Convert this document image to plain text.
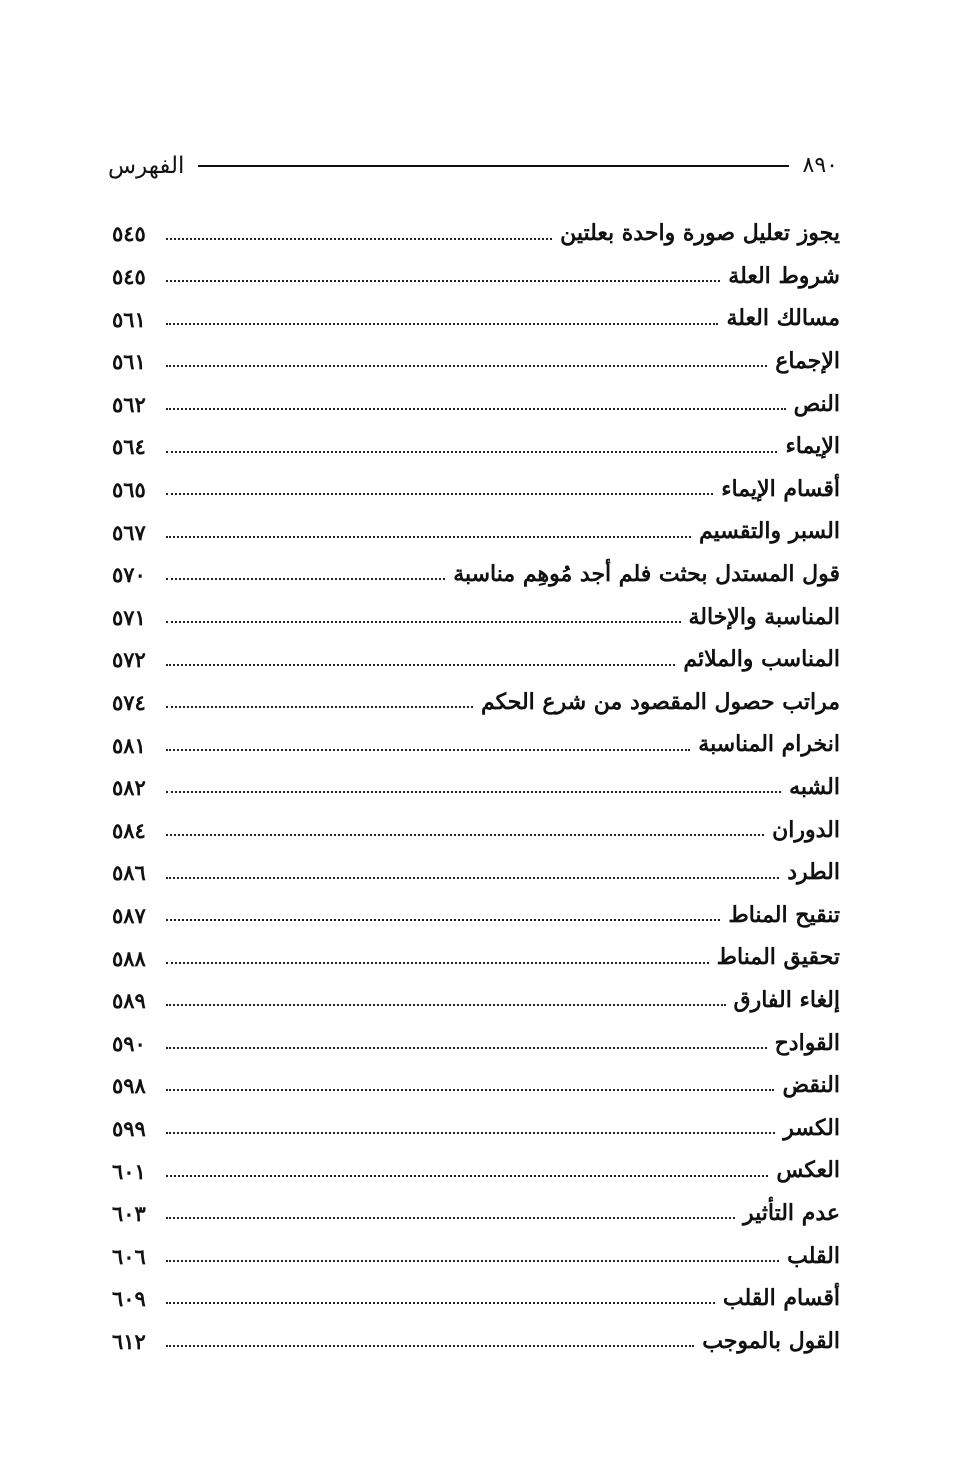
٨٩٠
الفهرس
يجوز تعليل صورة واحدة بعلتين
٥٤٥
شروط العلة
٥٤٥
مسالك العلة
٥٦١
الإجماع
٥٦١
النص
٥٦٢
الإيماء
٥٦٤
أقسام الإيماء
٥٦٥
السبر والتقسيم
٥٦٧
قول المستدل بحثت فلم أجد مُوهِم مناسبة
٥٧٠
المناسبة والإخالة
٥٧١
المناسب والملائم
٥٧٢
مراتب حصول المقصود من شرع الحكم
٥٧٤
انخرام المناسبة
٥٨١
الشبه
٥٨٢
الدوران
٥٨٤
الطرد
٥٨٦
تنقيح المناط
٥٨٧
تحقيق المناط
٥٨٨
إلغاء الفارق
٥٨٩
القوادح
٥٩٠
النقض
٥٩٨
الكسر
٥٩٩
العكس
٦٠١
عدم التأثير
٦٠٣
القلب
٦٠٦
أقسام القلب
٦٠٩
القول بالموجب
٦١٢
